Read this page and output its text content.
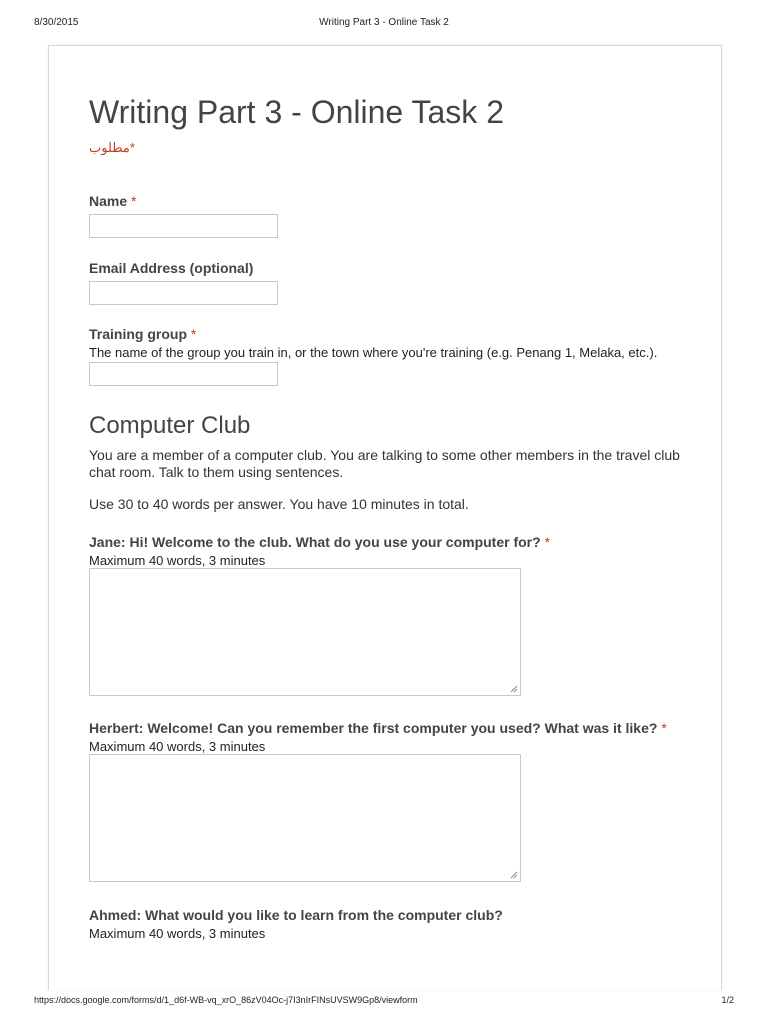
8/30/2015	Writing Part 3 - Online Task 2
Writing Part 3 - Online Task 2
*مطلوب
Name *
Email Address (optional)
Training group *
The name of the group you train in, or the town where you're training (e.g. Penang 1, Melaka, etc.).
Computer Club
You are a member of a computer club. You are talking to some other members in the travel club chat room. Talk to them using sentences.
Use 30 to 40 words per answer. You have 10 minutes in total.
Jane: Hi! Welcome to the club. What do you use your computer for? *
Maximum 40 words, 3 minutes
Herbert: Welcome! Can you remember the first computer you used? What was it like? *
Maximum 40 words, 3 minutes
Ahmed: What would you like to learn from the computer club?
Maximum 40 words, 3 minutes
https://docs.google.com/forms/d/1_d6f-WB-vq_xrO_86zV04Oc-j7I3nIrFINsUVSW9Gp8/viewform	1/2
